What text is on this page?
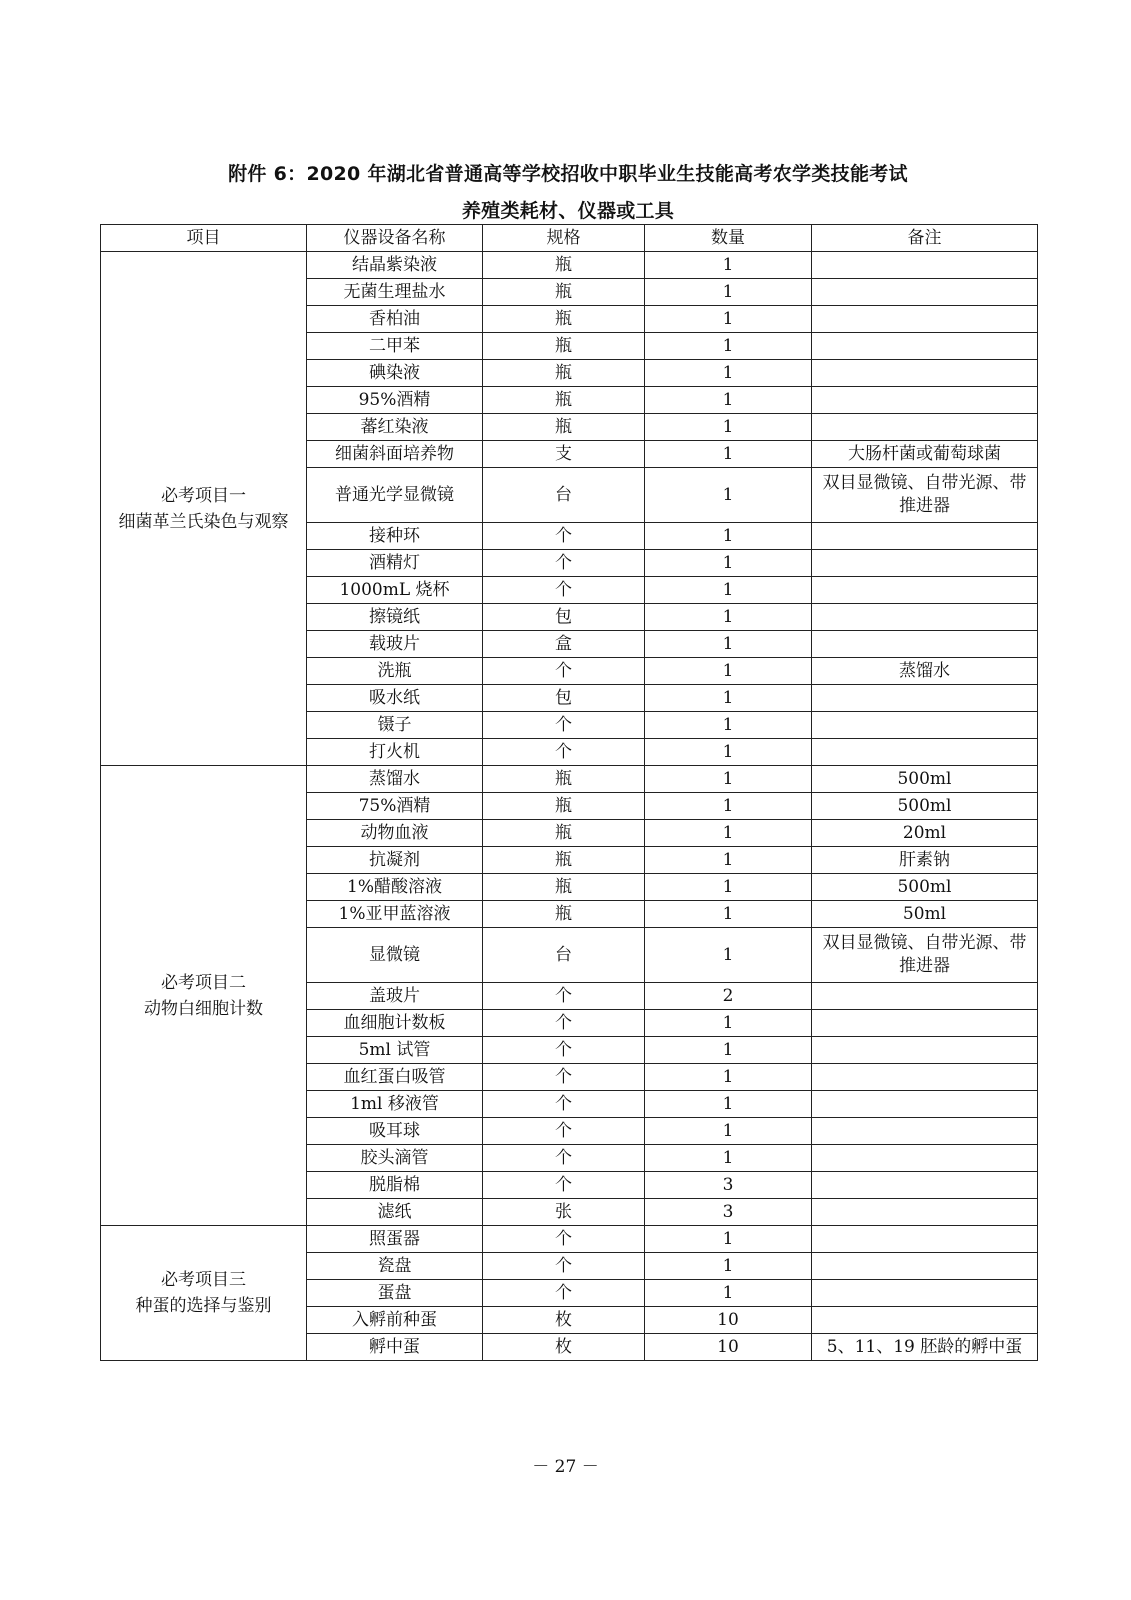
附件 6：2020 年湖北省普通高等学校招收中职毕业生技能高考农学类技能考试
养殖类耗材、仪器或工具
项目	仪器设备名称	规格	数量	备注

必考项目一
细菌革兰氏染色与观察	结晶紫染液	瓶	1	
	无菌生理盐水	瓶	1	
	香柏油	瓶	1	
	二甲苯	瓶	1	
	碘染液	瓶	1	
	95%酒精	瓶	1	
	蕃红染液	瓶	1	
	细菌斜面培养物	支	1	大肠杆菌或葡萄球菌
	普通光学显微镜	台	1	双目显微镜、自带光源、带推进器
	接种环	个	1	
	酒精灯	个	1	
	1000mL 烧杯	个	1	
	擦镜纸	包	1	
	载玻片	盒	1	
	洗瓶	个	1	蒸馏水
	吸水纸	包	1	
	镊子	个	1	
	打火机	个	1	

必考项目二
动物白细胞计数	蒸馏水	瓶	1	500ml
	75%酒精	瓶	1	500ml
	动物血液	瓶	1	20ml
	抗凝剂	瓶	1	肝素钠
	1%醋酸溶液	瓶	1	500ml
	1%亚甲蓝溶液	瓶	1	50ml
	显微镜	台	1	双目显微镜、自带光源、带推进器
	盖玻片	个	2	
	血细胞计数板	个	1	
	5ml 试管	个	1	
	血红蛋白吸管	个	1	
	1ml 移液管	个	1	
	吸耳球	个	1	
	胶头滴管	个	1	
	脱脂棉	个	3	
	滤纸	张	3	

必考项目三
种蛋的选择与鉴别	照蛋器	个	1	
	瓷盘	个	1	
	蛋盘	个	1	
	入孵前种蛋	枚	10	
	孵中蛋	枚	10	5、11、19 胚龄的孵中蛋
－ 27 －
